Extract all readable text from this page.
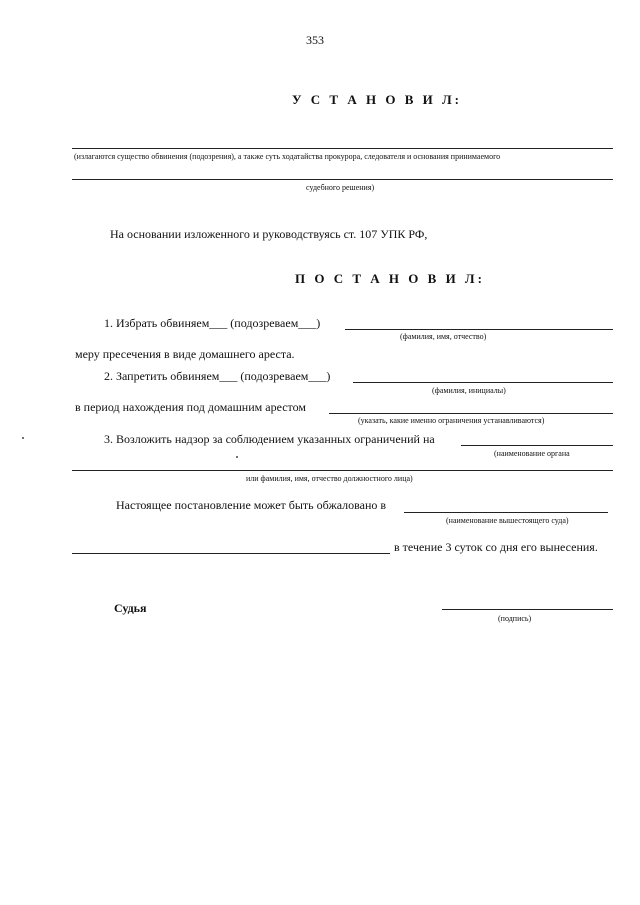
353
У С Т А Н О В И Л:
(излагаются существо обвинения (подозрения), а также суть ходатайства прокурора, следователя и основания принимаемого
судебного решения)
На основании изложенного и руководствуясь ст. 107 УПК РФ,
П О С Т А Н О В И Л:
1. Избрать обвиняем___ (подозреваем___)
(фамилия, имя, отчество)
меру пресечения в виде домашнего ареста.
2. Запретить обвиняем___ (подозреваем___)
(фамилия, инициалы)
в период нахождения под домашним арестом
(указать, какие именно ограничения устанавливаются)
3. Возложить надзор за соблюдением указанных ограничений на
(наименование органа
или фамилия, имя, отчество должностного лица)
Настоящее постановление может быть обжаловано в
(наименование вышестоящего суда)
в течение 3 суток со дня его вынесения.
Судья
(подпись)
